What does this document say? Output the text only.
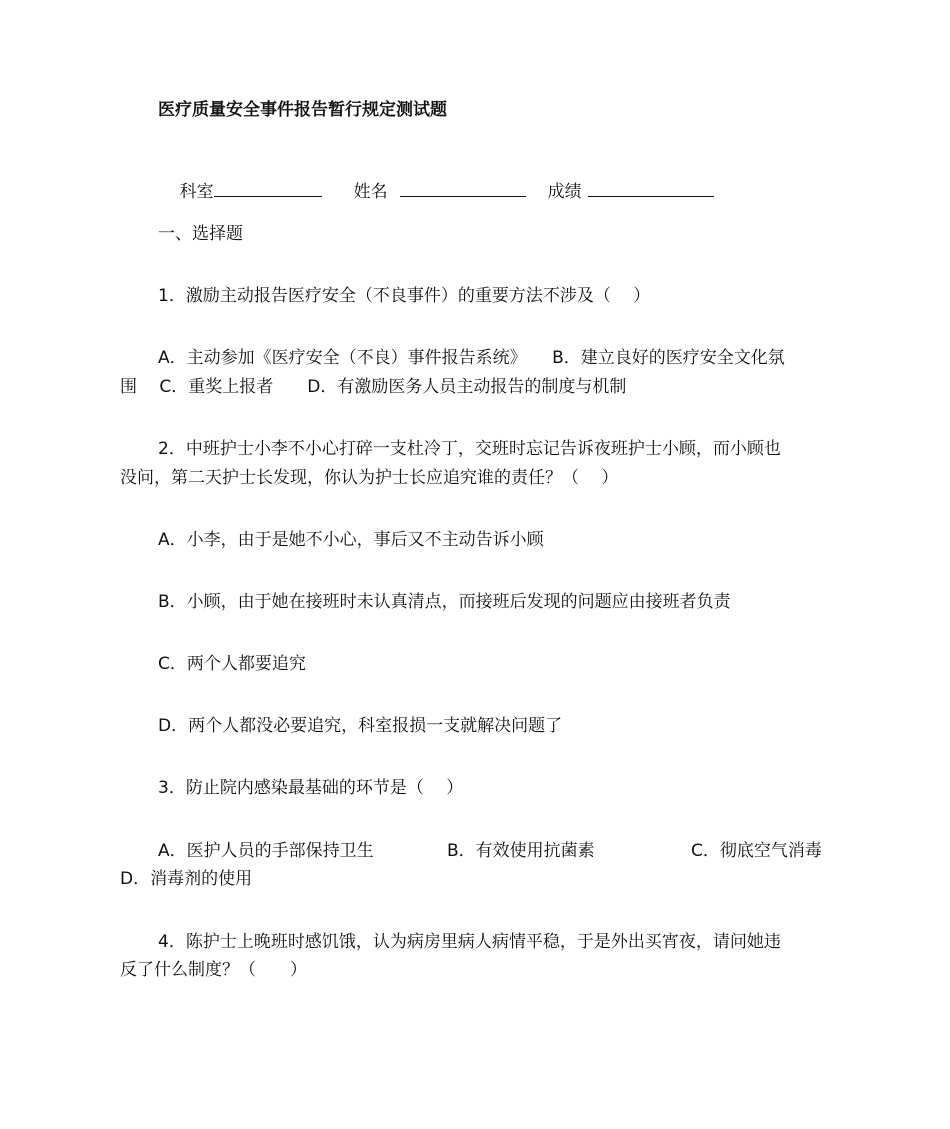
医疗质量安全事件报告暂行规定测试题

科室	姓名	成绩

一、选择题
1．激励主动报告医疗安全（不良事件）的重要方法不涉及（　 ）
A．主动参加《医疗安全（不良）事件报告系统》　　B．建立良好的医疗安全文化氛
围　 C．重奖上报者　　D．有激励医务人员主动报告的制度与机制
2．中班护士小李不小心打碎一支杜冷丁，交班时忘记告诉夜班护士小顾，而小顾也
没问，第二天护士长发现，你认为护士长应追究谁的责任？（　 ）
A．小李，由于是她不小心，事后又不主动告诉小顾
B．小顾，由于她在接班时未认真清点，而接班后发现的问题应由接班者负责
C．两个人都要追究
D．两个人都没必要追究，科室报损一支就解决问题了
3．防止院内感染最基础的环节是（　 ）
A．医护人员的手部保持卫生	B．有效使用抗菌素	C．彻底空气消毒
D．消毒剂的使用
4．陈护士上晚班时感饥饿，认为病房里病人病情平稳，于是外出买宵夜，请问她违
反了什么制度？（　　）
